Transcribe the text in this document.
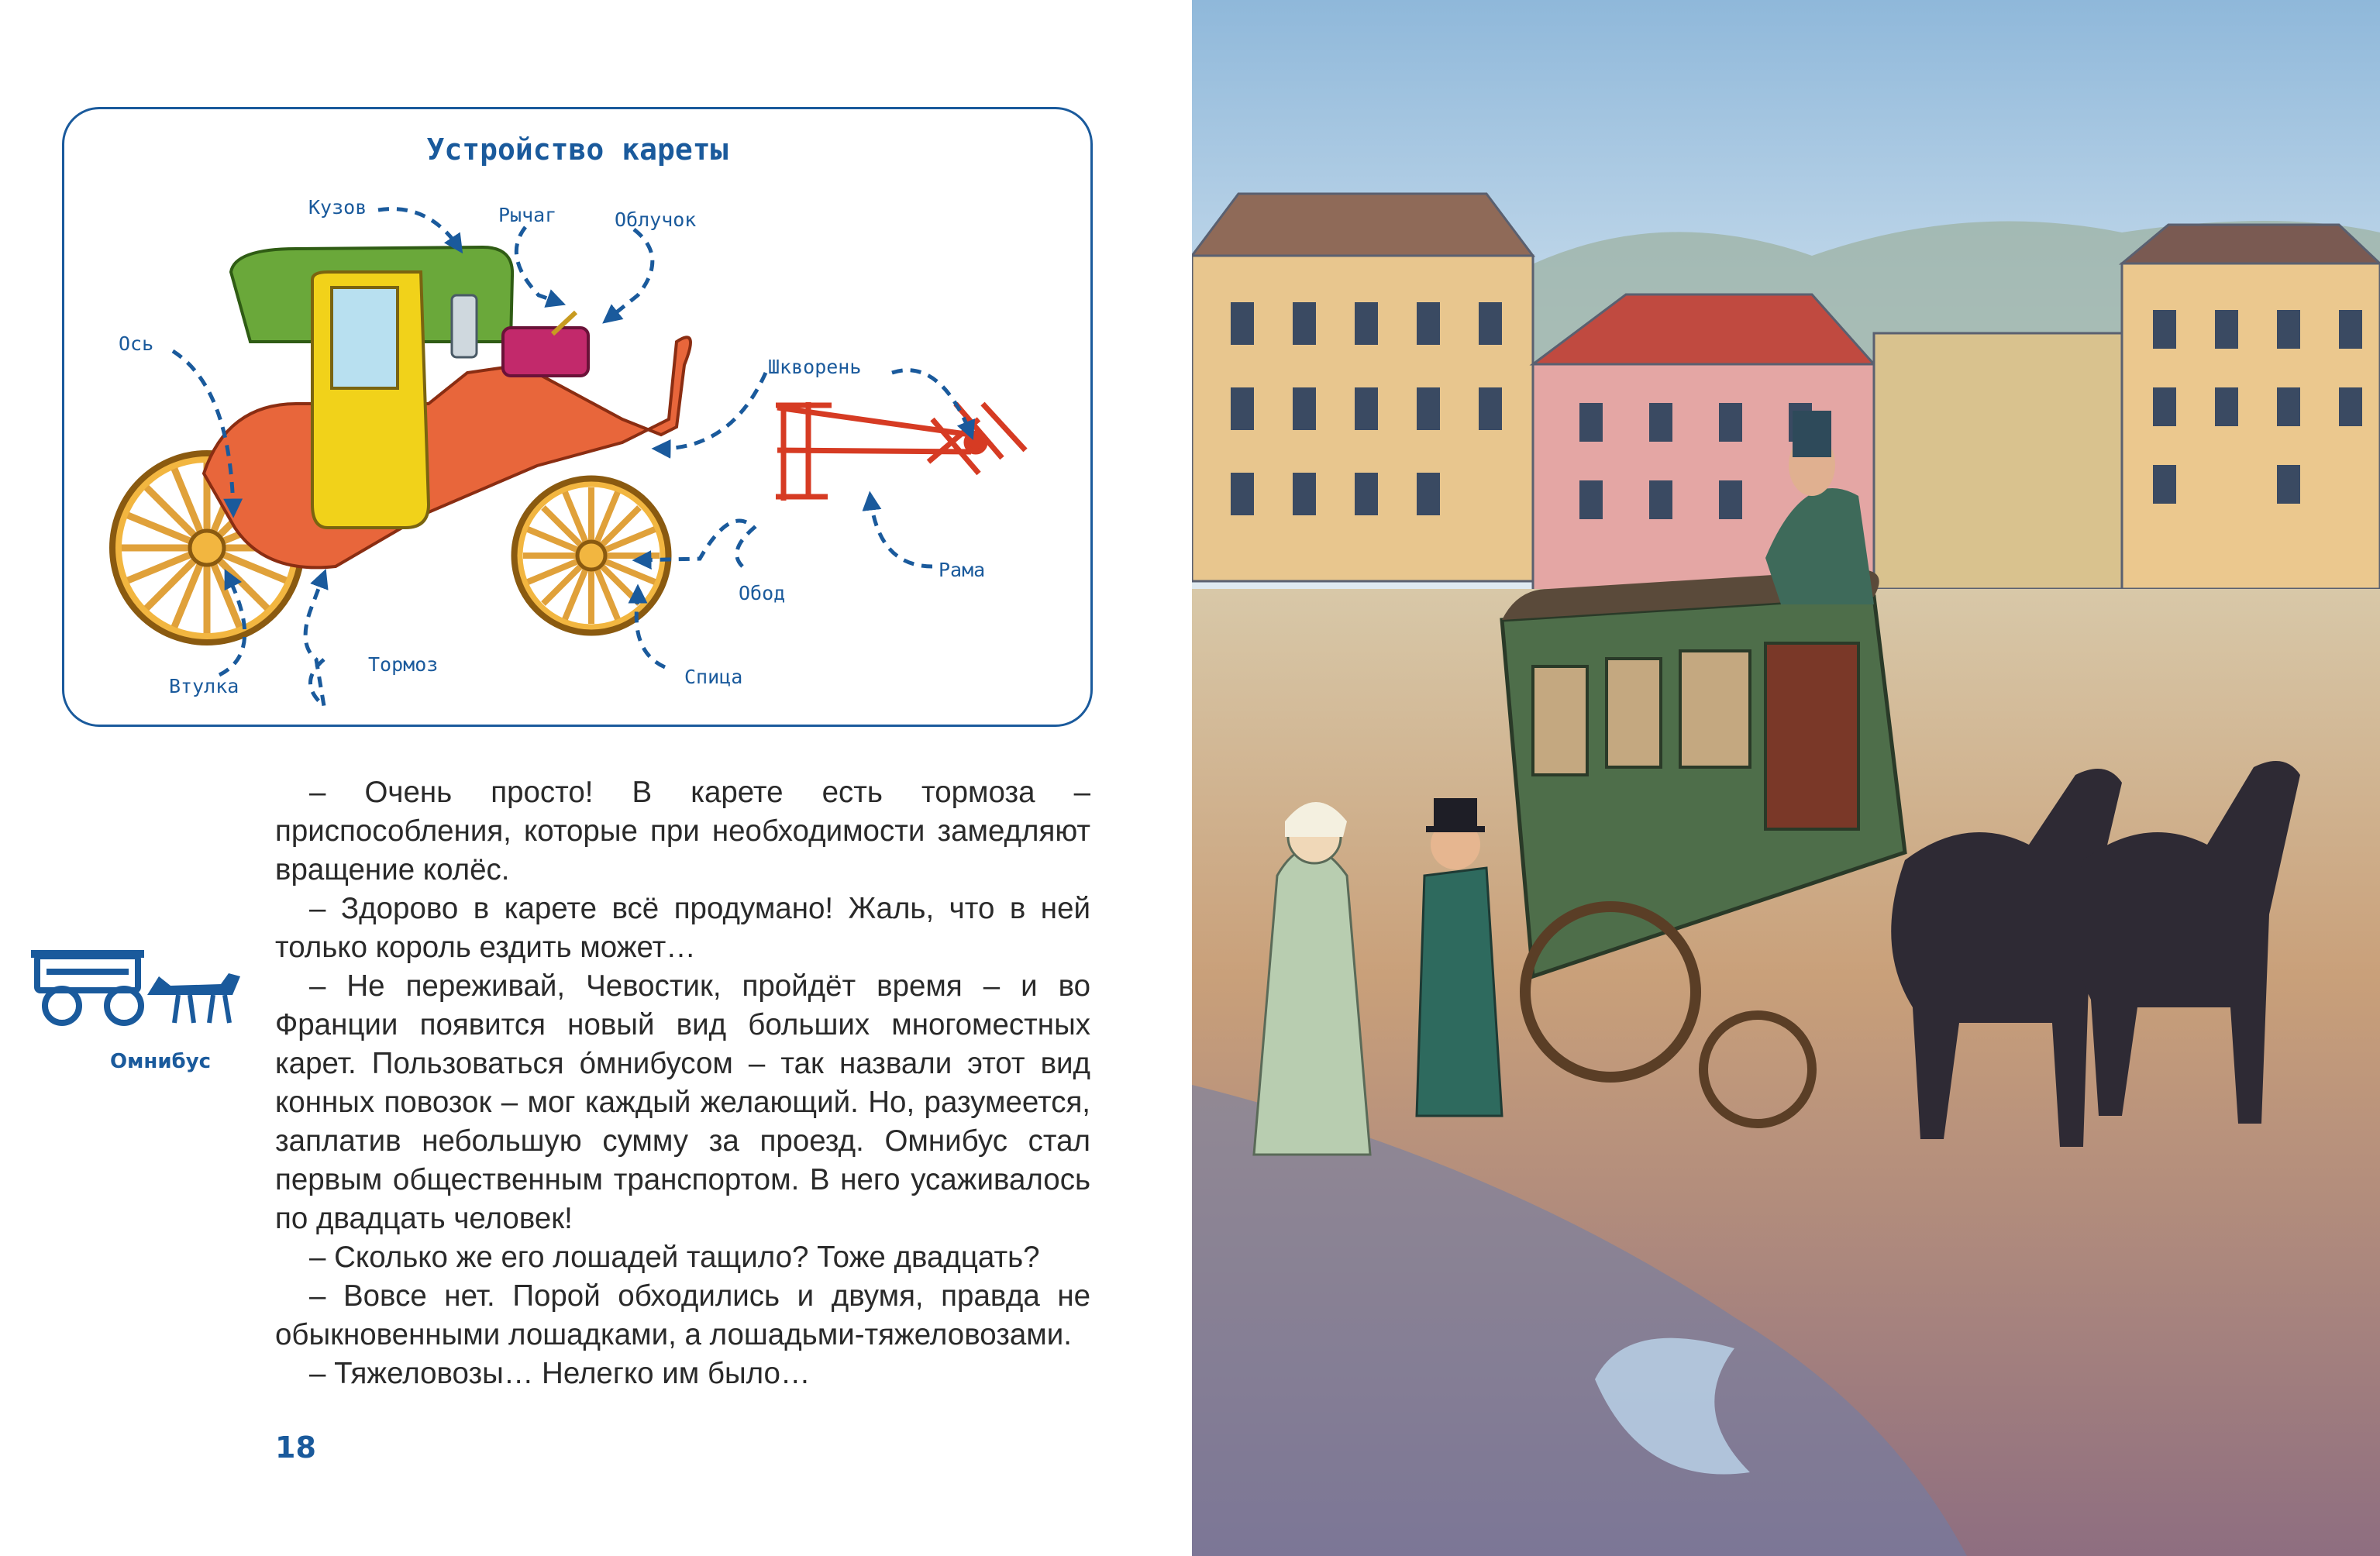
Устройство кареты
Кузов	Рычаг	Облучок
Ось
Шкворень
Рама
Обод
Втулка
Тормоз
Спица
Омнибус

– Очень просто! В карете есть тормоза – приспособления, которые при необходимости замедляют вращение колёс.

– Здорово в карете всё продумано! Жаль, что в ней только король ездить может…

– Не переживай, Чевостик, пройдёт время – и во Франции появится новый вид больших многоместных карет. Пользоваться о́мнибусом – так назвали этот вид конных повозок – мог каждый желающий. Но, разумеется, заплатив небольшую сумму за проезд. Омнибус стал первым общественным транспортом. В него усаживалось по двадцать человек!

– Сколько же его лошадей тащило? Тоже двадцать?

– Вовсе нет. Порой обходились и двумя, правда не обыкновенными лошадками, а лошадьми-тяжеловозами.

– Тяжеловозы… Нелегко им было…

18
